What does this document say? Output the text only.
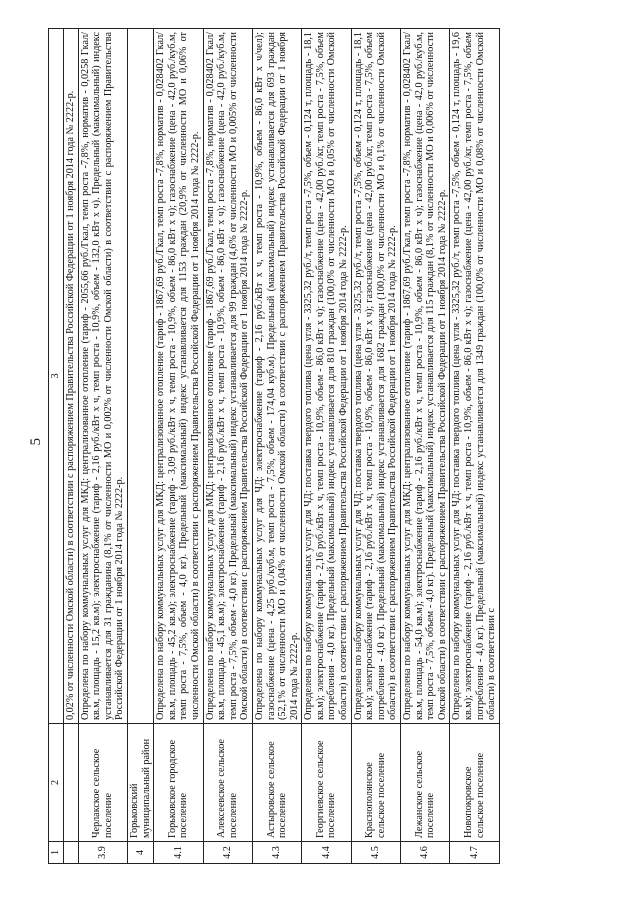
5
1	2	3
		0,02% от численности Омской области) в соответствии с распоряжением Правительства Российской Федерации от 1 ноября 2014 года № 2222-р.
3.9	Черлакское сельское поселение	Определена по набору коммунальных услуг для МКД: централизованное отопление (тариф - 2055,66 руб./Гкал, темп роста -7,8%, норматив - 0,0258 Гкал/кв.м, площадь - 15,2 кв.м); электроснабжение (тариф - 2,16 руб./кВт х ч, темп роста - 10,9%, объем - 132,0 кВт х ч). Предельный (максимальный) индекс устанавливается для 31 гражданина (8,1% от численности МО и 0,002% от численности Омской области) в соответствии с распоряжением Правительства Российской Федерации от 1 ноября 2014 года № 2222-р.
4	Горьковский муниципальный район	
4.1	Горьковское городское поселение	Определена по набору коммунальных услуг для МКД: централизованное отопление (тариф - 1867,69 руб./Гкал, темп роста -7,8%, норматив - 0,028402 Гкал/кв.м, площадь - 45,2 кв.м); электроснабжение (тариф - 3,09 руб./кВт х ч, темп роста - 10,9%, объем - 86,0 кВт х ч); газоснабжение (цена - 42,0 руб./куб.м, темп роста - 7,5%, объем - 4,0 кг). Предельный (максимальный) индекс устанавливается для 1153 граждан (20,9% от численности МО и 0,06% от численности Омской области) в соответствии с распоряжением Правительства Российской Федерации от 1 ноября 2014 года № 2222-р.
4.2	Алексеевское сельское поселение	Определена по набору коммунальных услуг для МКД: централизованное отопление (тариф - 1867,69 руб./Гкал, темп роста -7,8%, норматив - 0,028402 Гкал/кв.м, площадь - 45,1 кв.м); электроснабжение (тариф - 2,16 руб./кВт х ч, темп роста - 10,9%, объем - 86,0 кВт х ч); газоснабжение (цена - 42,0 руб./куб.м, темп роста - 7,5%, объем - 4,0 кг). Предельный (максимальный) индекс устанавливается для 99 граждан (4,6% от численности МО и 0,005% от численности Омской области) в соответствии с распоряжением Правительства Российской Федерации от 1 ноября 2014 года № 2222-р.
4.3	Астыровское сельское поселение	Определена по набору коммунальных услуг для ЧД: электроснабжение (тариф - 2,16 руб./кВт х ч, темп роста - 10,9%, объем - 86,0 кВт х ч/чел); газоснабжение (цена - 4,25 руб./куб.м, темп роста - 7,5%, объем - 174,04 куб.м). Предельный (максимальный) индекс устанавливается для 693 граждан (52,1% от численности МО и 0,04% от численности Омской области) в соответствии с распоряжением Правительства Российской Федерации от 1 ноября 2014 года № 2222-р.
4.4	Георгиевское сельское поселение	Определена по набору коммунальных услуг для ЧД: поставка твердого топлива (цена угля - 3325,32 руб./т, темп роста -7,5%, объем - 0,124 т, площадь - 18,1 кв.м); электроснабжение (тариф - 2,16 руб./кВт х ч, темп роста - 10,9%, объем - 86,0 кВт х ч); газоснабжение (цена - 42,00 руб./кг, темп роста - 7,5%, объем потребления - 4,0 кг). Предельный (максимальный) индекс устанавливается для 810 граждан (100,0% от численности МО и 0,05% от численности Омской области) в соответствии с распоряжением Правительства Российской Федерации от 1 ноября 2014 года № 2222-р.
4.5	Краснополянское сельское поселение	Определена по набору коммунальных услуг для ЧД: поставка твердого топлива (цена угля - 3325,32 руб./т, темп роста -7,5%, объем - 0,124 т, площадь - 18,1 кв.м); электроснабжение (тариф - 2,16 руб./кВт х ч, темп роста - 10,9%, объем - 86,0 кВт х ч); газоснабжение (цена - 42,00 руб./кг, темп роста - 7,5%, объем потребления - 4,0 кг). Предельный (максимальный) индекс устанавливается для 1682 граждан (100,0% от численности МО и 0,1% от численности Омской области) в соответствии с распоряжением Правительства Российской Федерации от 1 ноября 2014 года № 2222-р.
4.6	Лежанское сельское поселение	Определена по набору коммунальных услуг для МКД: централизованное отопление (тариф - 1867,69 руб./Гкал, темп роста -7,8%, норматив - 0,028402 Гкал/кв.м, площадь - 54,0 кв.м); электроснабжение (тариф - 2,16 руб./кВт х ч, темп роста - 10,9%, объем - 86,0 кВт х ч); газоснабжение (цена - 42,0 руб./куб.м, темп роста - 7,5%, объем - 4,0 кг). Предельный (максимальный) индекс устанавливается для 115 граждан (8,1% от численности МО и 0,006% от численности Омской области) в соответствии с распоряжением Правительства Российской Федерации от 1 ноября 2014 года № 2222-р.
4.7	Новопокровское сельское поселение	Определена по набору коммунальных услуг для ЧД: поставка твердого топлива (цена угля - 3325,32 руб./т, темп роста -7,5%, объем - 0,124 т, площадь - 19,6 кв.м); электроснабжение (тариф - 2,16 руб./кВт х ч, темп роста - 10,9%, объем - 86,0 кВт х ч); газоснабжение (цена - 42,00 руб./кг, темп роста - 7,5%, объем потребления - 4,0 кг). Предельный (максимальный) индекс устанавливается для 1349 граждан (100,0% от численности МО и 0,08% от численности Омской области) в соответствии с
